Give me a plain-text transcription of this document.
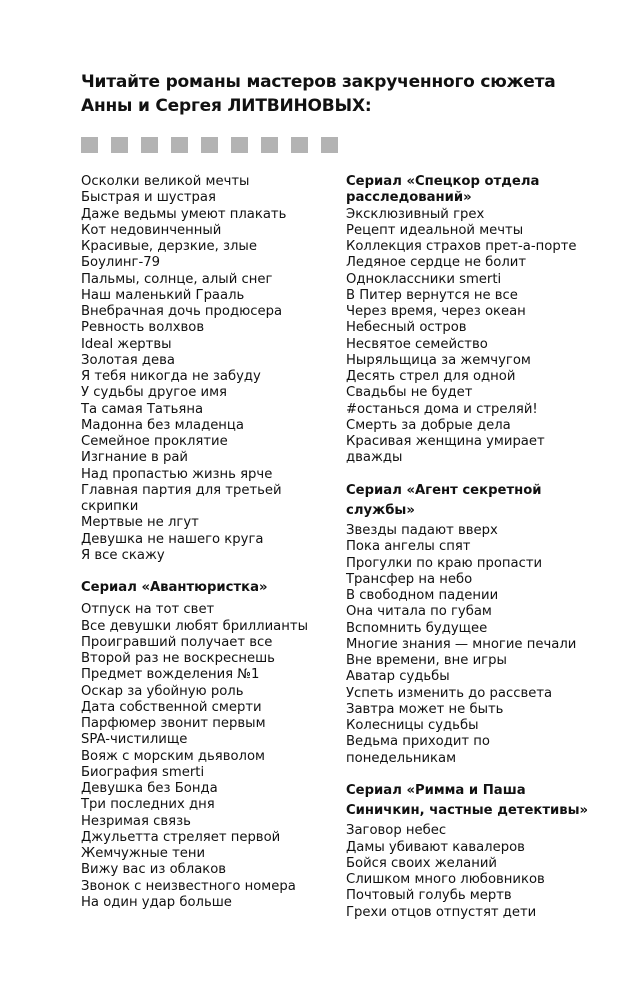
Читайте романы мастеров закрученного сюжета
Анны и Сергея ЛИТВИНОВЫХ:
Осколки великой мечты
Быстрая и шустрая
Даже ведьмы умеют плакать
Кот недовинченный
Красивые, дерзкие, злые
Боулинг-79
Пальмы, солнце, алый снег
Наш маленький Грааль
Внебрачная дочь продюсера
Ревность волхвов
Ideal жертвы
Золотая дева
Я тебя никогда не забуду
У судьбы другое имя
Та самая Татьяна
Мадонна без младенца
Семейное проклятие
Изгнание в рай
Над пропастью жизнь ярче
Главная партия для третьей
скрипки
Мертвые не лгут
Девушка не нашего круга
Я все скажу
Сериал «Авантюристка»
Отпуск на тот свет
Все девушки любят бриллианты
Проигравший получает все
Второй раз не воскреснешь
Предмет вожделения №1
Оскар за убойную роль
Дата собственной смерти
Парфюмер звонит первым
SPA-чистилище
Вояж с морским дьяволом
Биография smerti
Девушка без Бонда
Три последних дня
Незримая связь
Джульетта стреляет первой
Жемчужные тени
Вижу вас из облаков
Звонок с неизвестного номера
На один удар больше
Сериал «Спецкор отдела
расследований»
Эксклюзивный грех
Рецепт идеальной мечты
Коллекция страхов прет-а-порте
Ледяное сердце не болит
Одноклассники smerti
В Питер вернутся не все
Через время, через океан
Небесный остров
Несвятое семейство
Ныряльщица за жемчугом
Десять стрел для одной
Свадьбы не будет
#останься дома и стреляй!
Смерть за добрые дела
Красивая женщина умирает
дважды
Сериал «Агент секретной
службы»
Звезды падают вверх
Пока ангелы спят
Прогулки по краю пропасти
Трансфер на небо
В свободном падении
Она читала по губам
Вспомнить будущее
Многие знания — многие печали
Вне времени, вне игры
Аватар судьбы
Успеть изменить до рассвета
Завтра может не быть
Колесницы судьбы
Ведьма приходит по
понедельникам
Сериал «Римма и Паша
Синичкин, частные детективы»
Заговор небес
Дамы убивают кавалеров
Бойся своих желаний
Слишком много любовников
Почтовый голубь мертв
Грехи отцов отпустят дети
